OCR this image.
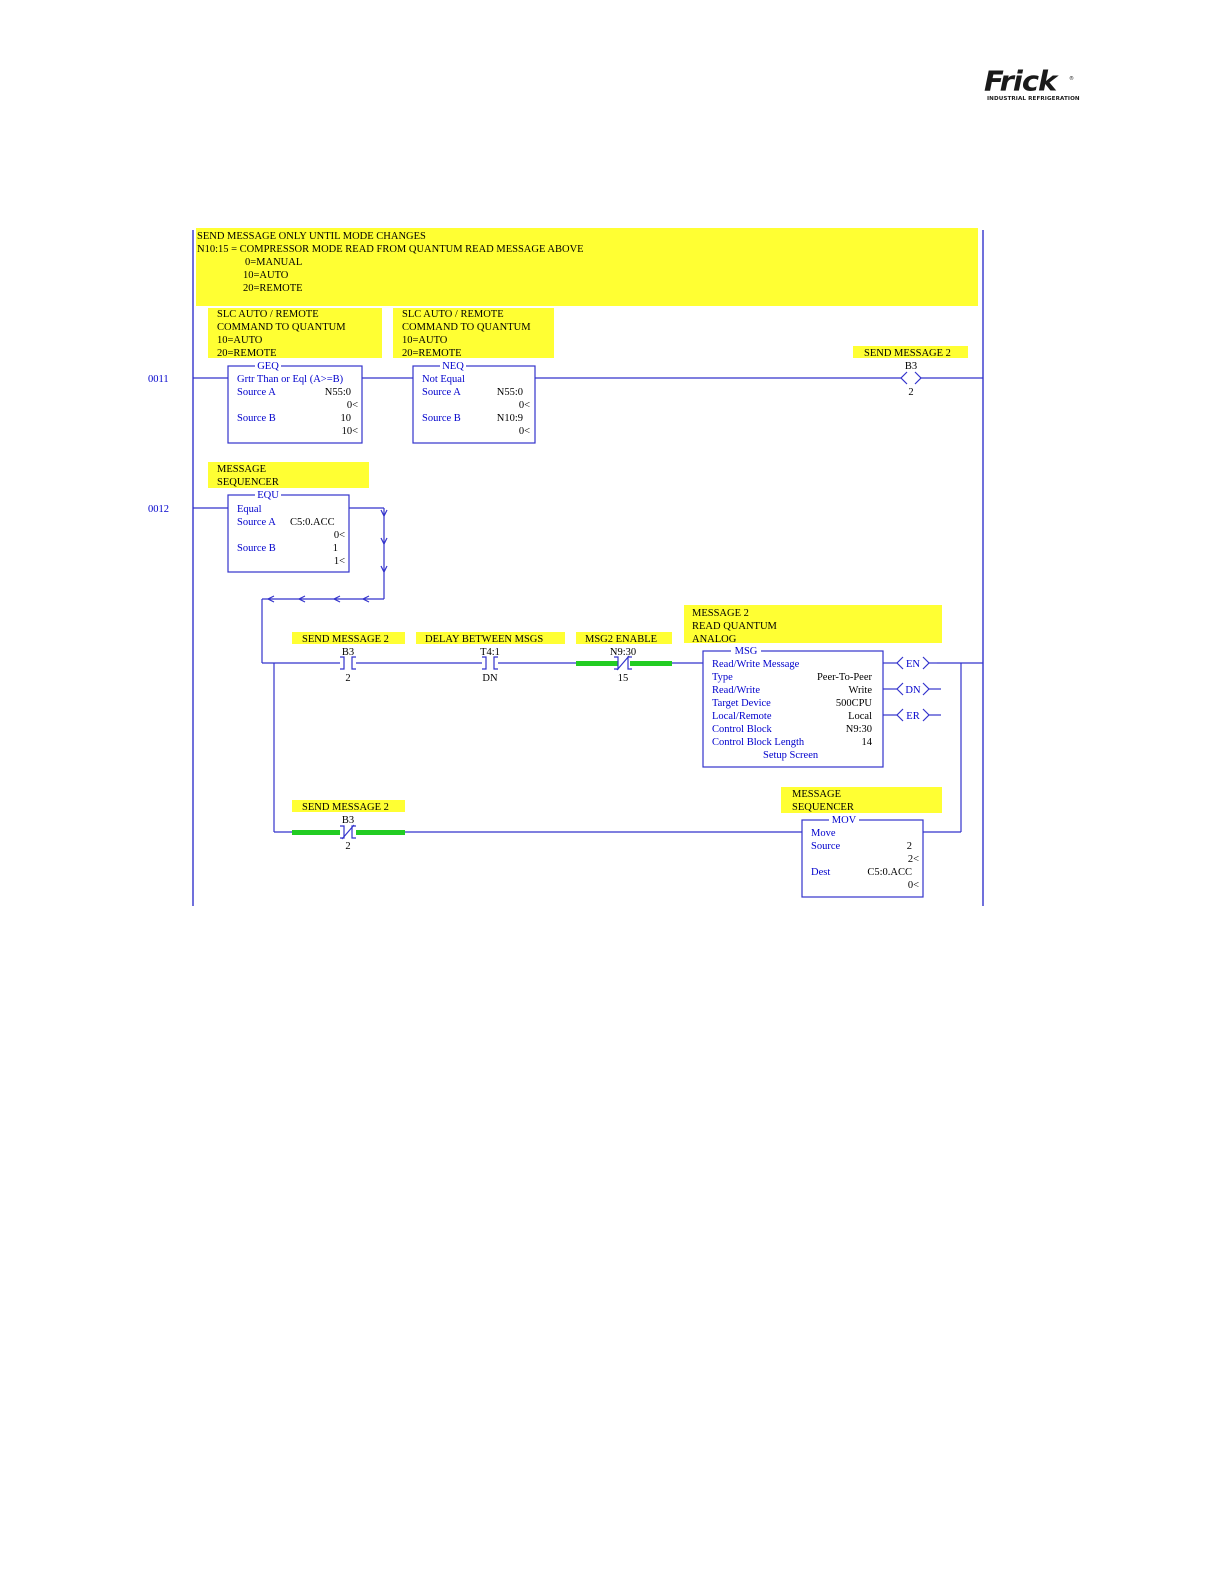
Frick	®
INDUSTRIAL REFRIGERATION
SEND MESSAGE ONLY UNTIL MODE CHANGES
N10:15 = COMPRESSOR MODE READ FROM QUANTUM READ MESSAGE ABOVE
0=MANUAL
10=AUTO
20=REMOTE
0011
SLC AUTO / REMOTE
COMMAND TO QUANTUM
10=AUTO
20=REMOTE
SLC AUTO / REMOTE
COMMAND TO QUANTUM
10=AUTO
20=REMOTE
GEQ
Grtr Than or Eql (A>=B)
Source A	N55:0
0<
Source B	10
10<
NEQ
Not Equal
Source A	N55:0
0<
Source B	N10:9
0<
SEND MESSAGE 2
B3
2
0012
MESSAGE
SEQUENCER
EQU
Equal
Source A C5:0.ACC
0<
Source B	1
1<
SEND MESSAGE 2
B3
2
DELAY BETWEEN MSGS
T4:1
DN
MSG2 ENABLE
N9:30
15
MESSAGE 2
READ QUANTUM
ANALOG
MSG
Read/Write Message
Type	Peer-To-Peer
Read/Write	Write
Target Device	500CPU
Local/Remote	Local
Control Block	N9:30
Control Block Length	14
Setup Screen
EN
DN
ER
SEND MESSAGE 2
B3
2
MESSAGE
SEQUENCER
MOV
Move
Source	2
2<
Dest	C5:0.ACC
0<
